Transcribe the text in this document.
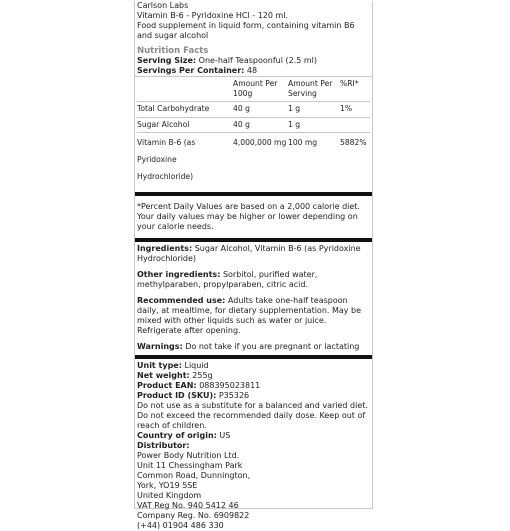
Carlson Labs
Vitamin B-6 - Pyridoxine HCl - 120 ml.
Food supplement in liquid form, containing vitamin B6 and sugar alcohol
Nutrition Facts
Serving Size: One-half Teaspoonful (2.5 ml)
Servings Per Container: 48
	Amount Per 100g	Amount Per Serving	%RI*
Total Carbohydrate	40 g	1 g	1%
Sugar Alcohol	40 g	1 g	
Vitamin B-6 (as Pyridoxine Hydrochloride)	4,000,000 mg	100 mg	5882%
*Percent Daily Values are based on a 2,000 calorie diet. Your daily values may be higher or lower depending on your calorie needs.
Ingredients: Sugar Alcohol, Vitamin B-6 (as Pyridoxine Hydrochloride)
Other ingredients: Sorbitol, purified water, methylparaben, propylparaben, citric acid.
Recommended use: Adults take one-half teaspoon daily, at mealtime, for dietary supplementation. May be mixed with other liquids such as water or juice. Refrigerate after opening.
Warnings: Do not take if you are pregnant or lactating
Unit type: Liquid
Net weight: 255g
Product EAN: 088395023811
Product ID (SKU): P35326
Do not use as a substitute for a balanced and varied diet. Do not exceed the recommended daily dose. Keep out of reach of children.
Country of origin: US
Distributor:
Power Body Nutrition Ltd.
Unit 11 Chessingham Park
Common Road, Dunnington,
York, YO19 5SE
United Kingdom
VAT Reg No. 940 5412 46
Company Reg. No. 6909822
(+44) 01904 486 330
